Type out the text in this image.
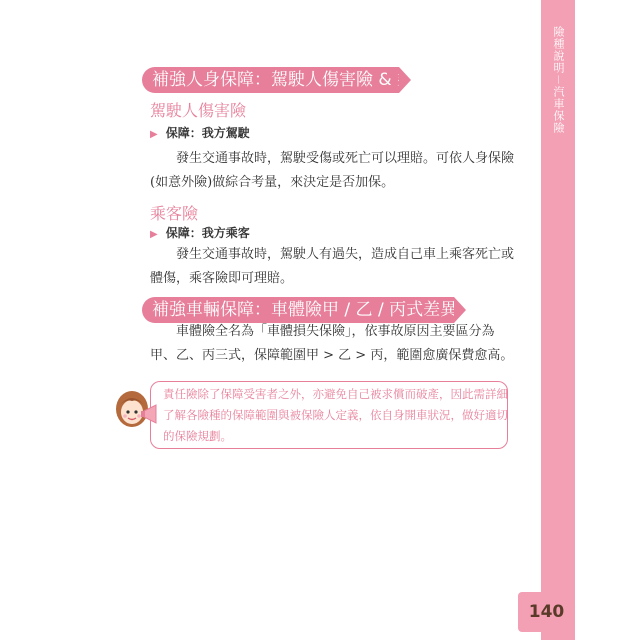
險種說明－汽車保險
補強人身保障：駕駛人傷害險 & 乘客險
駕駛人傷害險
▶ 保障：我方駕駛
發生交通事故時，駕駛受傷或死亡可以理賠。可依人身保險(如意外險)做綜合考量，來決定是否加保。
乘客險
▶ 保障：我方乘客
發生交通事故時，駕駛人有過失，造成自己車上乘客死亡或體傷，乘客險即可理賠。
補強車輛保障：車體險甲 / 乙 / 丙式差異看這裡
車體險全名為「車體損失保險」，依事故原因主要區分為甲、乙、丙三式，保障範圍甲 > 乙 > 丙，範圍愈廣保費愈高。
責任險除了保障受害者之外，亦避免自己被求償而破產，因此需詳細了解各險種的保障範圍與被保險人定義，依自身開車狀況，做好適切的保險規劃。
140
